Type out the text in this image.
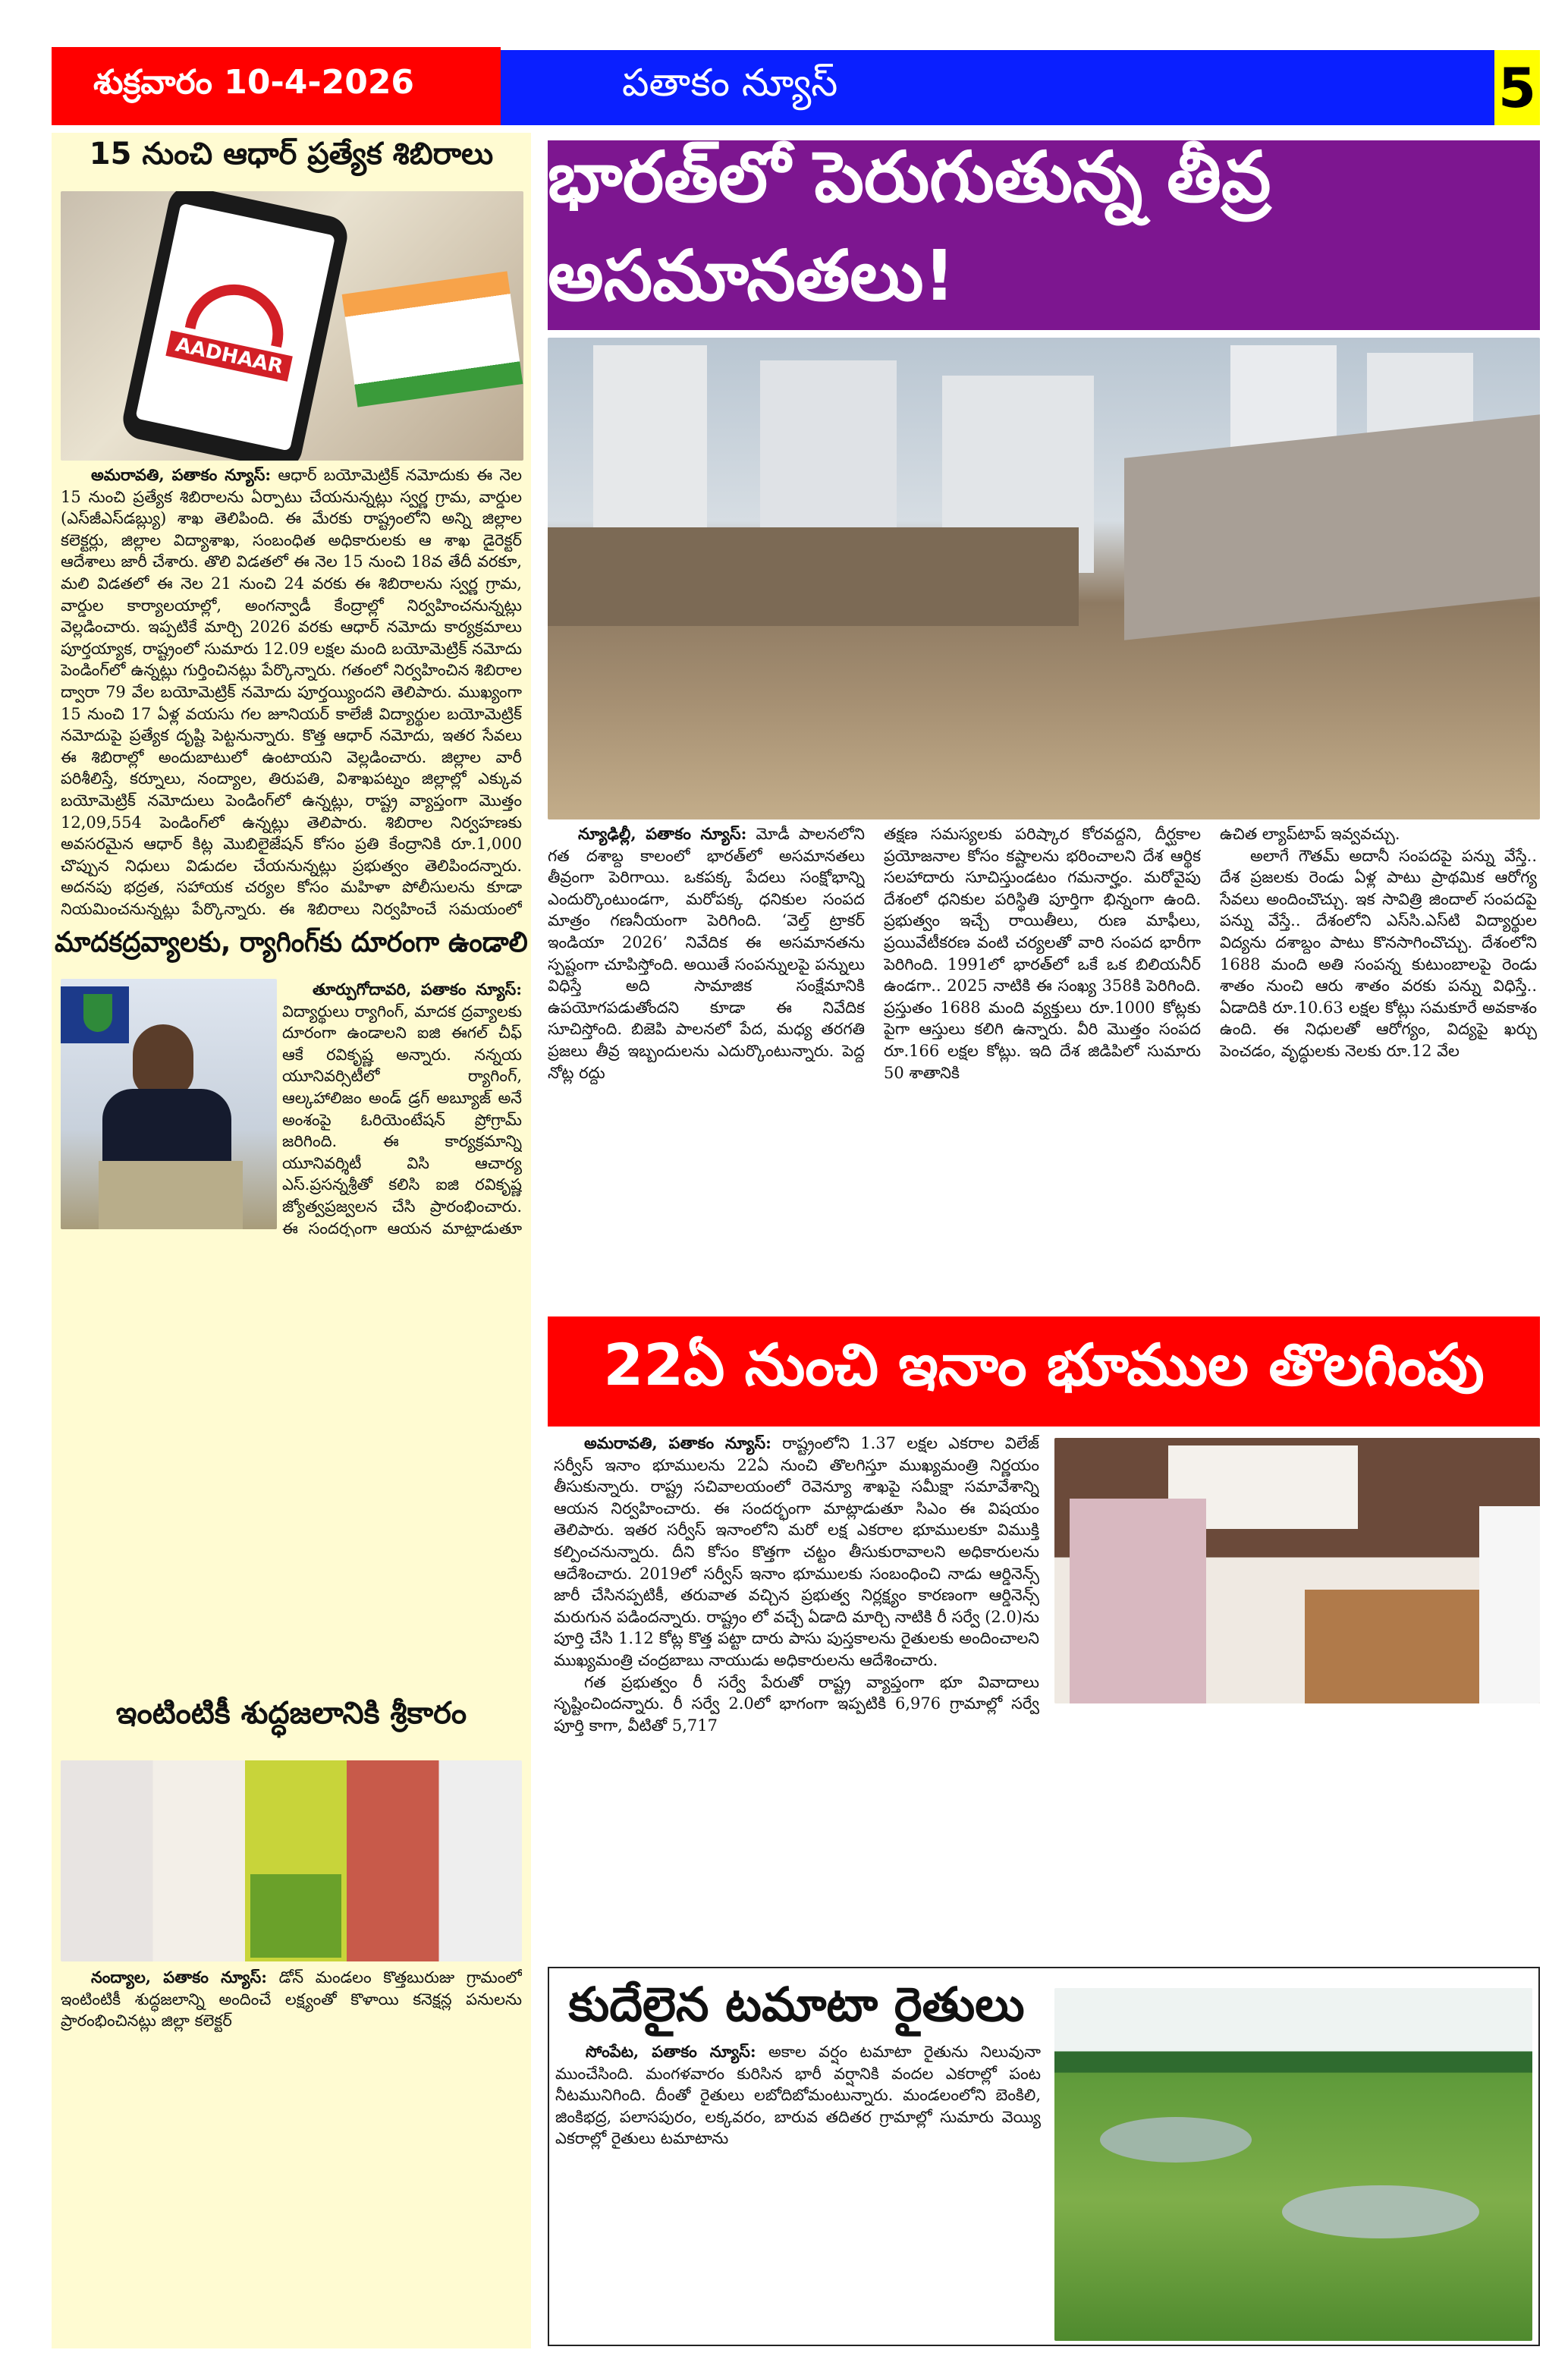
శుక్రవారం 10-4-2026	పతాకం న్యూస్	5
15 నుంచి ఆధార్ ప్రత్యేక శిబిరాలు
AADHAAR

అమరావతి, పతాకం న్యూస్: ఆధార్ బయోమెట్రిక్ నమోదుకు ఈ నెల 15 నుంచి ప్రత్యేక శిబిరాలను ఏర్పాటు చేయనున్నట్లు స్వర్ణ గ్రామ, వార్డుల (ఎస్‌జీఎస్‌డబ్ల్యు) శాఖ తెలిపింది. ఈ మేరకు రాష్ట్రంలోని అన్ని జిల్లాల కలెక్టర్లు, జిల్లాల విద్యాశాఖ, సంబంధిత అధికారులకు ఆ శాఖ డైరెక్టర్ ఆదేశాలు జారీ చేశారు. తొలి విడతలో ఈ నెల 15 నుంచి 18వ తేదీ వరకూ, మలి విడతలో ఈ నెల 21 నుంచి 24 వరకు ఈ శిబిరాలను స్వర్ణ గ్రామ, వార్డుల కార్యాలయాల్లో, అంగన్వాడీ కేంద్రాల్లో నిర్వహించనున్నట్లు వెల్లడించారు. ఇప్పటికే మార్చి 2026 వరకు ఆధార్ నమోదు కార్యక్రమాలు పూర్తయ్యాక, రాష్ట్రంలో సుమారు 12.09 లక్షల మంది బయోమెట్రిక్ నమోదు పెండింగ్‌లో ఉన్నట్లు గుర్తించినట్లు పేర్కొన్నారు. గతంలో నిర్వహించిన శిబిరాల ద్వారా 79 వేల బయోమెట్రిక్ నమోదు పూర్తయ్యిందని తెలిపారు. ముఖ్యంగా 15 నుంచి 17 ఏళ్ల వయసు గల జూనియర్ కాలేజీ విద్యార్థుల బయోమెట్రిక్ నమోదుపై ప్రత్యేక దృష్టి పెట్టనున్నారు. కొత్త ఆధార్ నమోదు, ఇతర సేవలు ఈ శిబిరాల్లో అందుబాటులో ఉంటాయని వెల్లడించారు. జిల్లాల వారీ పరిశీలిస్తే, కర్నూలు, నంద్యాల, తిరుపతి, విశాఖపట్నం జిల్లాల్లో ఎక్కువ బయోమెట్రిక్ నమోదులు పెండింగ్‌లో ఉన్నట్లు, రాష్ట్ర వ్యాప్తంగా మొత్తం 12,09,554 పెండింగ్‌లో ఉన్నట్లు తెలిపారు. శిబిరాల నిర్వహణకు అవసరమైన ఆధార్ కిట్ల మొబిలైజేషన్ కోసం ప్రతి కేంద్రానికి రూ.1,000 చొప్పున నిధులు విడుదల చేయనున్నట్లు ప్రభుత్వం తెలిపిందన్నారు. అదనపు భద్రత, సహాయక చర్యల కోసం మహిళా పోలీసులను కూడా నియమించనున్నట్లు పేర్కొన్నారు. ఈ శిబిరాలు నిర్వహించే సమయంలో

మాదకద్రవ్యాలకు, ర్యాగింగ్‌కు దూరంగా ఉండాలి

తూర్పుగోదావరి, పతాకం న్యూస్: విద్యార్థులు ర్యాగింగ్, మాదక ద్రవ్యాలకు దూరంగా ఉండాలని ఐజి ఈగల్ చీఫ్ ఆకే రవికృష్ణ అన్నారు. నన్నయ యూనివర్సిటీలో ర్యాగింగ్, ఆల్కహాలిజం అండ్ డ్రగ్ అబ్యూజ్ అనే అంశంపై ఓరియెంటేషన్ ప్రోగ్రామ్ జరిగింది. ఈ కార్యక్రమాన్ని యూనివర్శిటీ విసి ఆచార్య ఎస్.ప్రసన్నశ్రీతో కలిసి ఐజి రవికృష్ణ జ్యోత్వప్రజ్వలన చేసి ప్రారంభించారు. ఈ సందర్భంగా ఆయన మాట్లాడుతూ

ఇంటింటికీ శుద్ధజలానికి శ్రీకారం

నంద్యాల, పతాకం న్యూస్: డోన్ మండలం కొత్తబురుజు గ్రామంలో ఇంటింటికీ శుద్ధజలాన్ని అందించే లక్ష్యంతో కొళాయి కనెక్షన్ల పనులను ప్రారంభించినట్లు జిల్లా కలెక్టర్

భారత్‌లో పెరుగుతున్న తీవ్ర అసమానతలు!

న్యూఢిల్లీ, పతాకం న్యూస్: మోడీ పాలనలోని గత దశాబ్ద కాలంలో భారత్‌లో అసమానతలు తీవ్రంగా పెరిగాయి. ఒకపక్క పేదలు సంక్షోభాన్ని ఎందుర్కొంటుండగా, మరోపక్క ధనికుల సంపద మాత్రం గణనీయంగా పెరిగింది. ‘వెల్త్ ట్రాకర్ ఇండియా 2026’ నివేదిక ఈ అసమానతను స్పష్టంగా చూపిస్తోంది. అయితే సంపన్నులపై పన్నులు విధిస్తే అది సామాజిక సంక్షేమానికి ఉపయోగపడుతోందని కూడా ఈ నివేదిక సూచిస్తోంది. బిజెపి పాలనలో పేద, మధ్య తరగతి ప్రజలు తీవ్ర ఇబ్బందులను ఎదుర్కొంటున్నారు. పెద్ద నోట్ల రద్దు

తక్షణ సమస్యలకు పరిష్కార కోరవద్దని, దీర్ఘకాల ప్రయోజనాల కోసం కష్టాలను భరించాలని దేశ ఆర్థిక సలహాదారు సూచిస్తుండటం గమనార్హం. మరోవైపు దేశంలో ధనికుల పరిస్థితి పూర్తిగా భిన్నంగా ఉంది. ప్రభుత్వం ఇచ్చే రాయితీలు, రుణ మాఫీలు, ప్రయివేటీకరణ వంటి చర్యలతో వారి సంపద భారీగా పెరిగింది. 1991లో భారత్‌లో ఒకే ఒక బిలియనీర్ ఉండగా.. 2025 నాటికి ఈ సంఖ్య 358కి పెరిగింది. ప్రస్తుతం 1688 మంది వ్యక్తులు రూ.1000 కోట్లకు పైగా ఆస్తులు కలిగి ఉన్నారు. వీరి మొత్తం సంపద రూ.166 లక్షల కోట్లు. ఇది దేశ జిడిపిలో సుమారు 50 శాతానికి

ఉచిత ల్యాప్‌టాప్ ఇవ్వవచ్చు.

అలాగే గౌతమ్ అదానీ సంపదపై పన్ను వేస్తే.. దేశ ప్రజలకు రెండు ఏళ్ల పాటు ప్రాథమిక ఆరోగ్య సేవలు అందించొచ్చు. ఇక సావిత్రి జిందాల్ సంపదపై పన్ను వేస్తే.. దేశంలోని ఎస్‌సి.ఎస్‌టి విద్యార్థుల విద్యను దశాబ్దం పాటు కొనసాగించొచ్చు. దేశంలోని 1688 మంది అతి సంపన్న కుటుంబాలపై రెండు శాతం నుంచి ఆరు శాతం వరకు పన్ను విధిస్తే.. ఏడాదికి రూ.10.63 లక్షల కోట్లు సమకూరే అవకాశం ఉంది. ఈ నిధులతో ఆరోగ్యం, విద్యపై ఖర్చు పెంచడం, వృద్ధులకు నెలకు రూ.12 వేల

22ఏ నుంచి ఇనాం భూముల తొలగింపు

అమరావతి, పతాకం న్యూస్: రాష్ట్రంలోని 1.37 లక్షల ఎకరాల విలేజ్ సర్వీస్ ఇనాం భూములను 22ఏ నుంచి తొలగిస్తూ ముఖ్యమంత్రి నిర్ణయం తీసుకున్నారు. రాష్ట్ర సచివాలయంలో రెవెన్యూ శాఖపై సమీక్షా సమావేశాన్ని ఆయన నిర్వహించారు. ఈ సందర్భంగా మాట్లాడుతూ సిఎం ఈ విషయం తెలిపారు. ఇతర సర్వీస్ ఇనాంలోని మరో లక్ష ఎకరాల భూములకూ విముక్తి కల్పించనున్నారు. దీని కోసం కొత్తగా చట్టం తీసుకురావాలని అధికారులను ఆదేశించారు. 2019లో సర్వీస్ ఇనాం భూములకు సంబంధించి నాడు ఆర్డినెన్స్ జారీ చేసినప్పటికీ, తరువాత వచ్చిన ప్రభుత్వ నిర్లక్ష్యం కారణంగా ఆర్డినెన్స్ మరుగున పడిందన్నారు. రాష్ట్రం లో వచ్చే ఏడాది మార్చి నాటికి రీ సర్వే (2.0)ను పూర్తి చేసి 1.12 కోట్ల కొత్త పట్టా దారు పాసు పుస్తకాలను రైతులకు అందించాలని ముఖ్యమంత్రి చంద్రబాబు నాయుడు అధికారులను ఆదేశించారు.

గత ప్రభుత్వం రీ సర్వే పేరుతో రాష్ట్ర వ్యాప్తంగా భూ వివాదాలు సృష్టించిందన్నారు. రీ సర్వే 2.0లో భాగంగా ఇప్పటికి 6,976 గ్రామాల్లో సర్వే పూర్తి కాగా, వీటితో 5,717

కుదేలైన టమాటా రైతులు

సోంపేట, పతాకం న్యూస్: అకాల వర్షం టమాటా రైతును నిలువునా ముంచేసింది. మంగళవారం కురిసిన భారీ వర్షానికి వందల ఎకరాల్లో పంట నీటమునిగింది. దీంతో రైతులు లబోదిబోమంటున్నారు. మండలంలోని బెంకిలి, జింకిభద్ర, పలాసపురం, లక్కవరం, బారువ తదితర గ్రామాల్లో సుమారు వెయ్యి ఎకరాల్లో రైతులు టమాటాను
